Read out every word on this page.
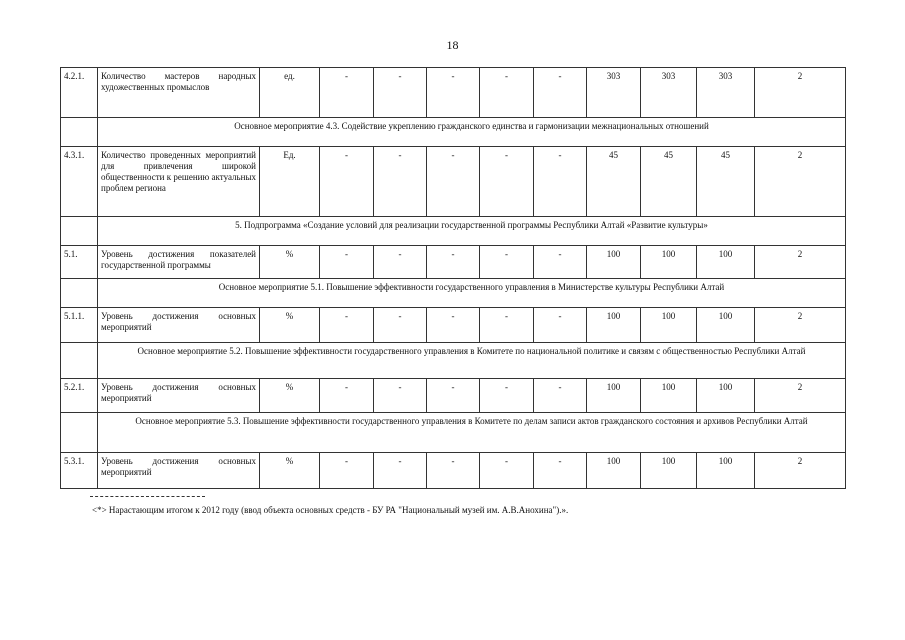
18
4.2.1.	Количество мастеров народных художественных промыслов	ед.	-	-	-	-	-	303	303	303	2
	Основное мероприятие 4.3. Содействие укреплению гражданского единства и гармонизации межнациональных отношений										
4.3.1.	Количество проведенных мероприятий для привлечения широкой общественности к решению актуальных проблем региона	Ед.	-	-	-	-	-	45	45	45	2
	5. Подпрограмма «Создание условий для реализации государственной программы Республики Алтай «Развитие культуры»										
5.1.	Уровень достижения показателей государственной программы	%	-	-	-	-	-	100	100	100	2
	Основное мероприятие 5.1. Повышение эффективности государственного управления в Министерстве культуры Республики Алтай										
5.1.1.	Уровень достижения основных мероприятий	%	-	-	-	-	-	100	100	100	2
	Основное мероприятие 5.2. Повышение эффективности государственного управления в Комитете по национальной политике и связям с общественностью Республики Алтай										
5.2.1.	Уровень достижения основных мероприятий	%	-	-	-	-	-	100	100	100	2
	Основное мероприятие 5.3. Повышение эффективности государственного управления в Комитете по делам записи актов гражданского состояния и архивов Республики Алтай										
5.3.1.	Уровень достижения основных мероприятий	%	-	-	-	-	-	100	100	100	2
<*> Нарастающим итогом к 2012 году (ввод объекта основных средств - БУ РА "Национальный музей им. А.В.Анохина").».
